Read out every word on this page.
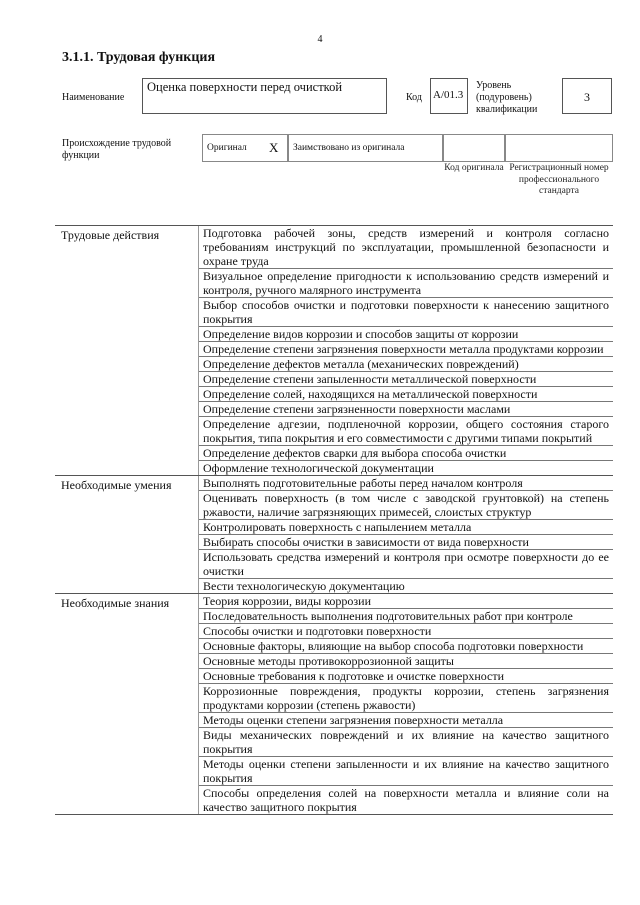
4
3.1.1. Трудовая функция
Наименование
Оценка поверхности перед очисткой
Код А/01.3
Уровень (подуровень) квалификации
3
Происхождение трудовой функции
Оригинал X Заимствовано из оригинала
Код оригинала Регистрационный номер профессионального стандарта
Трудовые действия	Подготовка рабочей зоны, средств измерений и контроля согласно требованиям инструкций по эксплуатации, промышленной безопасности и охране труда
Визуальное определение пригодности к использованию средств измерений и контроля, ручного малярного инструмента
Выбор способов очистки и подготовки поверхности к нанесению защитного покрытия
Определение видов коррозии и способов защиты от коррозии
Определение степени загрязнения поверхности металла продуктами коррозии
Определение дефектов металла (механических повреждений)
Определение степени запыленности металлической поверхности
Определение солей, находящихся на металлической поверхности
Определение степени загрязненности поверхности маслами
Определение адгезии, подпленочной коррозии, общего состояния старого покрытия, типа покрытия и его совместимости с другими типами покрытий
Определение дефектов сварки для выбора способа очистки
Оформление технологической документации
Необходимые умения	Выполнять подготовительные работы перед началом контроля
Оценивать поверхность (в том числе с заводской грунтовкой) на степень ржавости, наличие загрязняющих примесей, слоистых структур
Контролировать поверхность с напылением металла
Выбирать способы очистки в зависимости от вида поверхности
Использовать средства измерений и контроля при осмотре поверхности до ее очистки
Вести технологическую документацию
Необходимые знания	Теория коррозии, виды коррозии
Последовательность выполнения подготовительных работ при контроле
Способы очистки и подготовки поверхности
Основные факторы, влияющие на выбор способа подготовки поверхности
Основные методы противокоррозионной защиты
Основные требования к подготовке и очистке поверхности
Коррозионные повреждения, продукты коррозии, степень загрязнения продуктами коррозии (степень ржавости)
Методы оценки степени загрязнения поверхности металла
Виды механических повреждений и их влияние на качество защитного покрытия
Методы оценки степени запыленности и их влияние на качество защитного покрытия
Способы определения солей на поверхности металла и влияние соли на качество защитного покрытия
